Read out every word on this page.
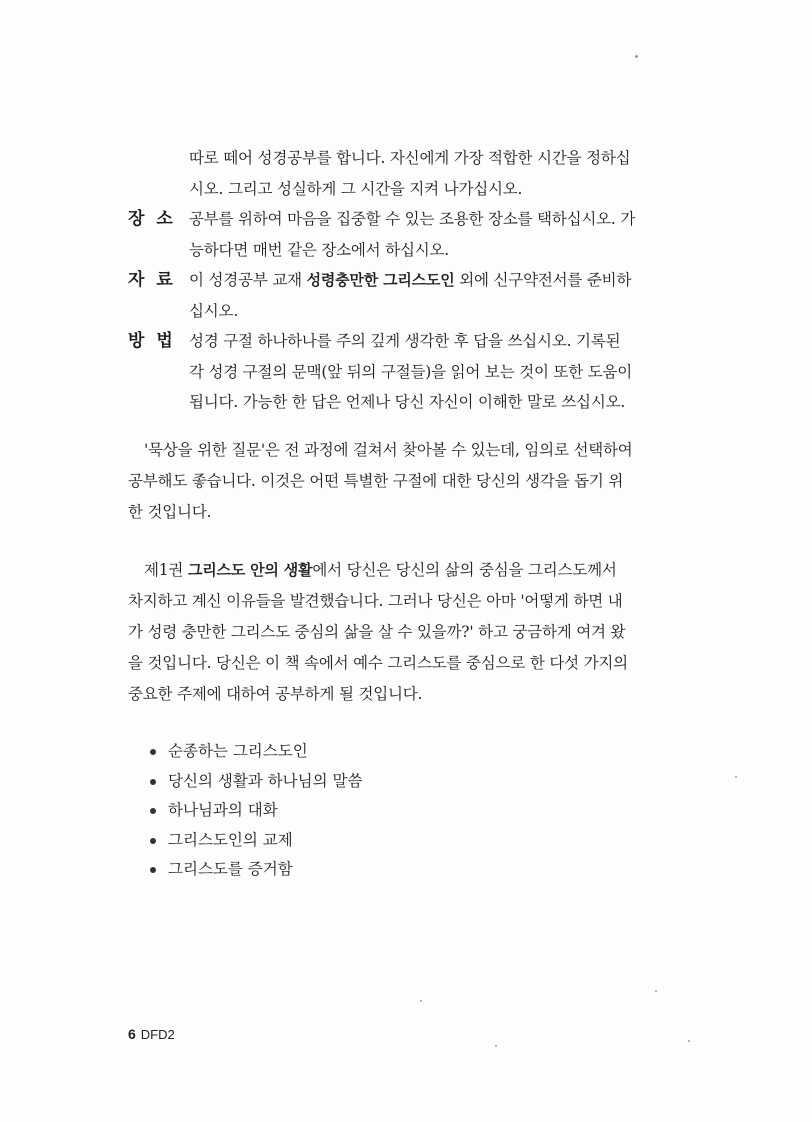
따로 떼어 성경공부를 합니다. 자신에게 가장 적합한 시간을 정하십
시오. 그리고 성실하게 그 시간을 지켜 나가십시오.
장 소 공부를 위하여 마음을 집중할 수 있는 조용한 장소를 택하십시오. 가
능하다면 매번 같은 장소에서 하십시오.
자 료 이 성경공부 교재 성령충만한 그리스도인 외에 신구약전서를 준비하
십시오.
방 법 성경 구절 하나하나를 주의 깊게 생각한 후 답을 쓰십시오. 기록된
각 성경 구절의 문맥(앞 뒤의 구절들)을 읽어 보는 것이 또한 도움이
됩니다. 가능한 한 답은 언제나 당신 자신이 이해한 말로 쓰십시오.
'묵상을 위한 질문'은 전 과정에 걸쳐서 찾아볼 수 있는데, 임의로 선택하여
공부해도 좋습니다. 이것은 어떤 특별한 구절에 대한 당신의 생각을 돕기 위
한 것입니다.
제1권 그리스도 안의 생활에서 당신은 당신의 삶의 중심을 그리스도께서
차지하고 계신 이유들을 발견했습니다. 그러나 당신은 아마 '어떻게 하면 내
가 성령 충만한 그리스도 중심의 삶을 살 수 있을까?' 하고 궁금하게 여겨 왔
을 것입니다. 당신은 이 책 속에서 예수 그리스도를 중심으로 한 다섯 가지의
중요한 주제에 대하여 공부하게 될 것입니다.
순종하는 그리스도인
당신의 생활과 하나님의 말씀
하나님과의 대화
그리스도인의 교제
그리스도를 증거함
6 DFD2
